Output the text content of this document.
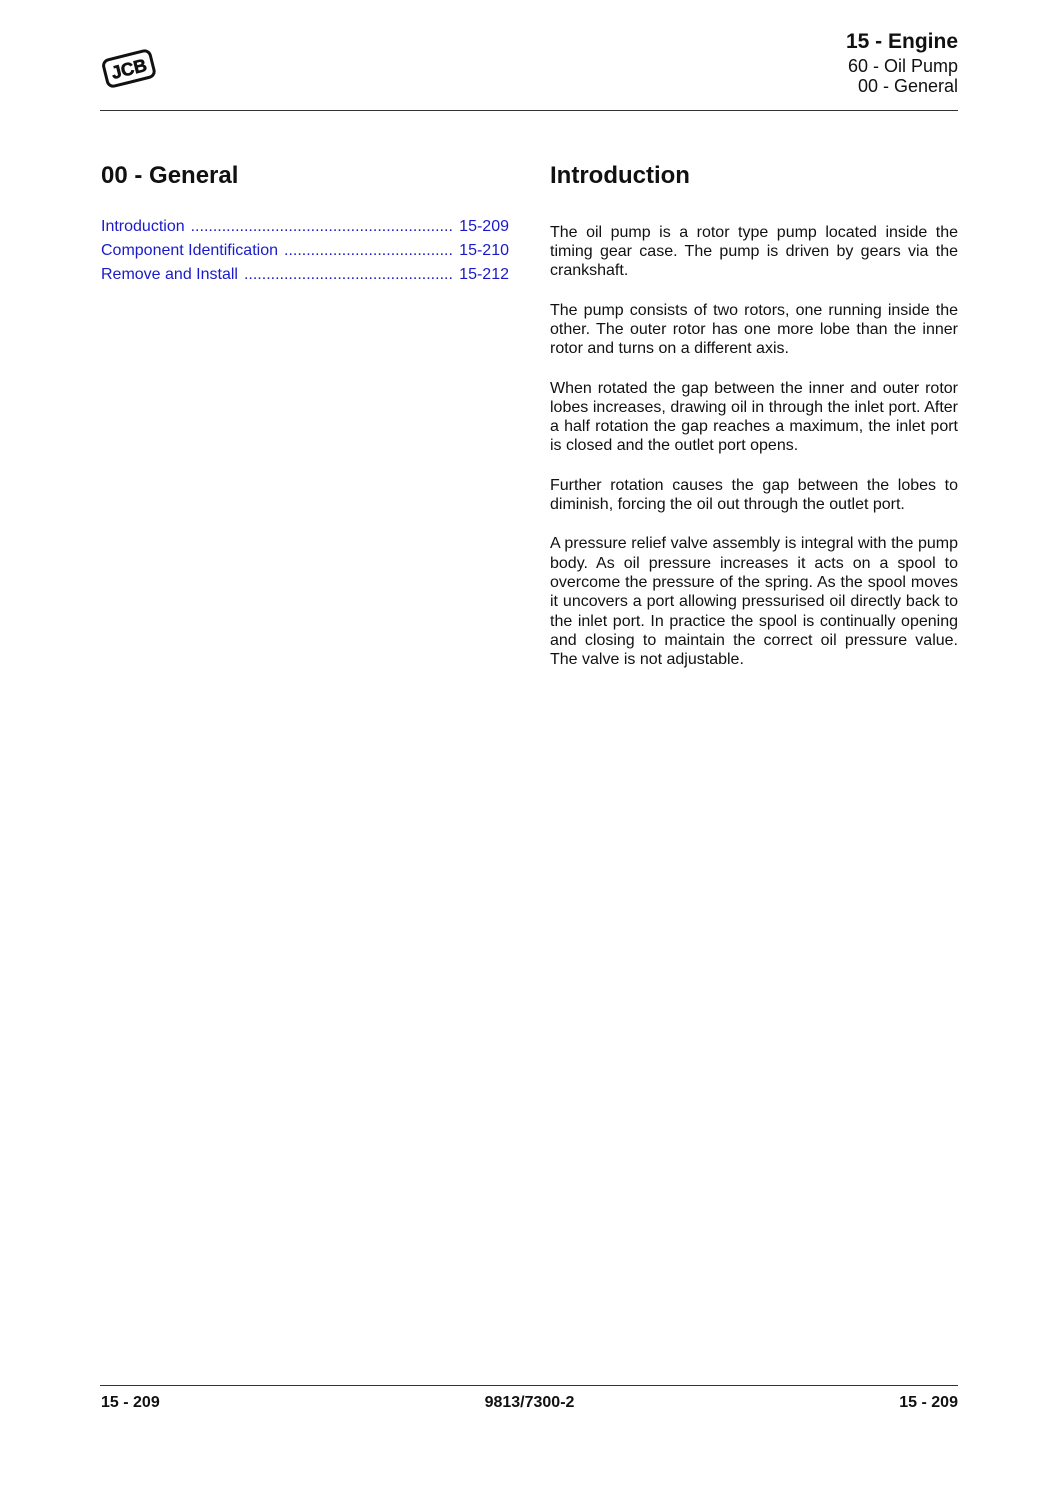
JCB
15 - Engine
60 - Oil Pump
00 - General
00 - General
Introduction .....	15-209
Component Identification .....	15-210
Remove and Install .....	15-212
Introduction

The oil pump is a rotor type pump located inside the timing gear case. The pump is driven by gears via the crankshaft.

The pump consists of two rotors, one running inside the other. The outer rotor has one more lobe than the inner rotor and turns on a different axis.

When rotated the gap between the inner and outer rotor lobes increases, drawing oil in through the inlet port. After a half rotation the gap reaches a maximum, the inlet port is closed and the outlet port opens.

Further rotation causes the gap between the lobes to diminish, forcing the oil out through the outlet port.

A pressure relief valve assembly is integral with the pump body. As oil pressure increases it acts on a spool to overcome the pressure of the spring. As the spool moves it uncovers a port allowing pressurised oil directly back to the inlet port. In practice the spool is continually opening and closing to maintain the correct oil pressure value. The valve is not adjustable.

15 - 209	9813/7300-2	15 - 209
